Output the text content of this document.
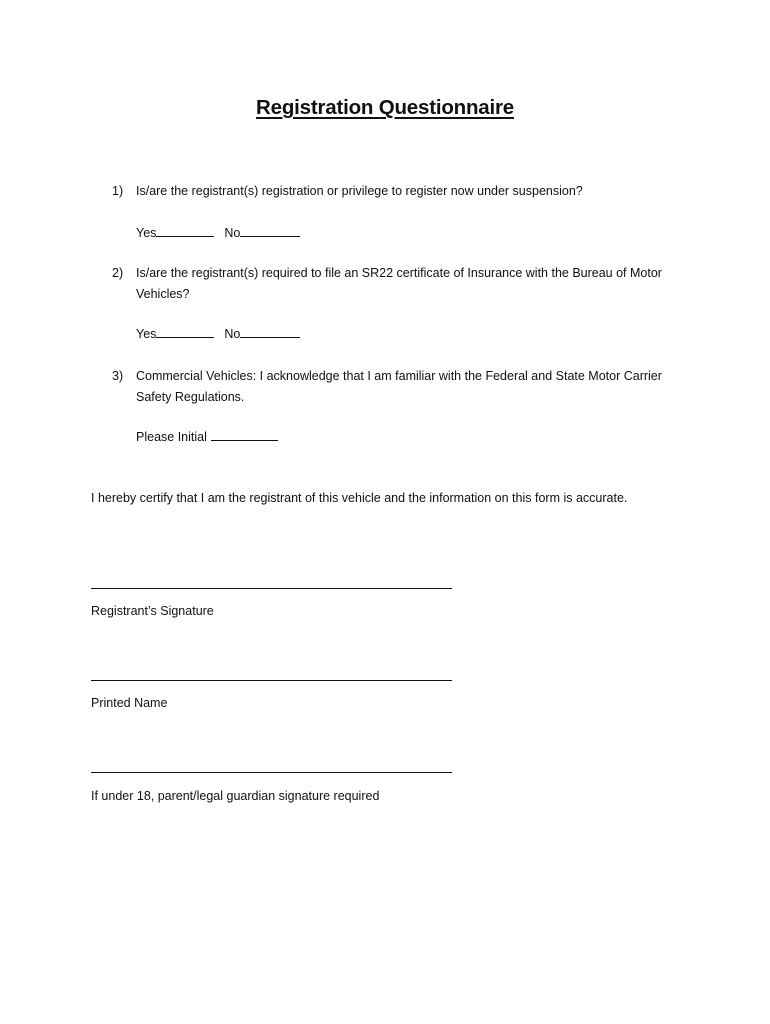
Registration Questionnaire
1) Is/are the registrant(s) registration or privilege to register now under suspension?
Yes	No
2) Is/are the registrant(s) required to file an SR22 certificate of Insurance with the Bureau of Motor Vehicles?
Yes	No
3) Commercial Vehicles: I acknowledge that I am familiar with the Federal and State Motor Carrier Safety Regulations.
Please Initial
I hereby certify that I am the registrant of this vehicle and the information on this form is accurate.
Registrant’s Signature
Printed Name
If under 18, parent/legal guardian signature required
